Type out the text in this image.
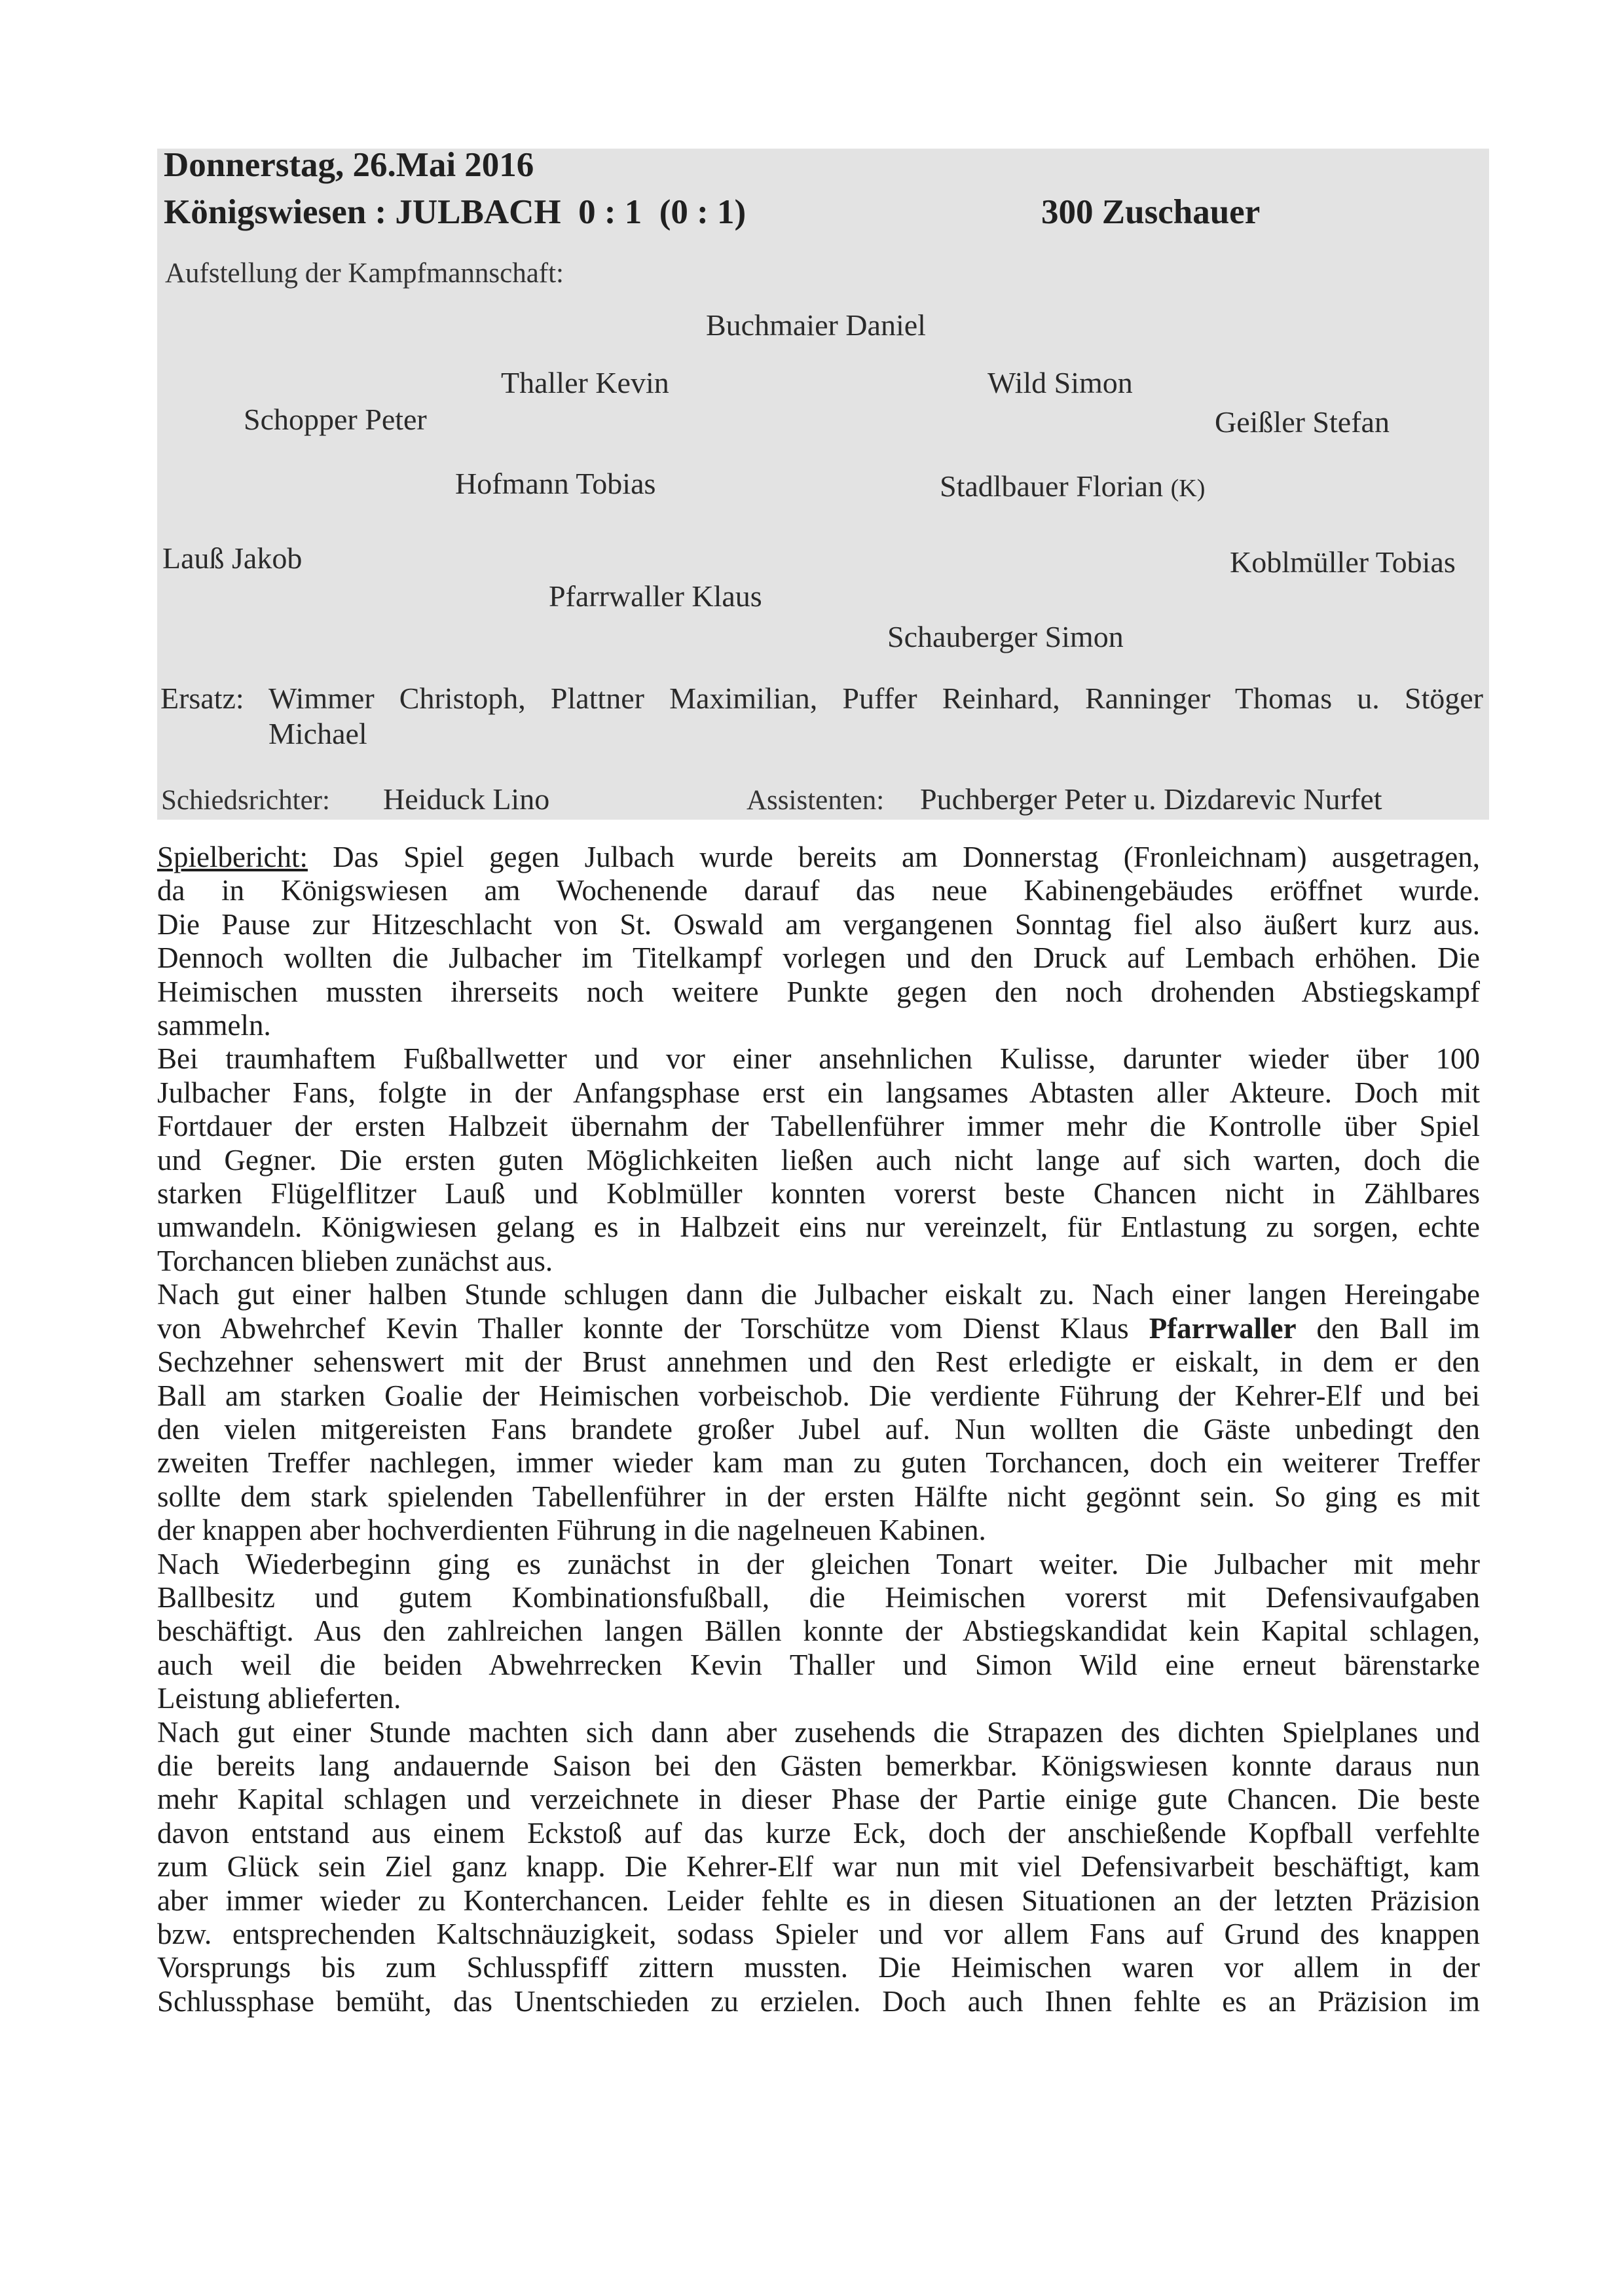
Donnerstag, 26.Mai 2016
Königswiesen : JULBACH  0 : 1  (0 : 1)	300 Zuschauer
Aufstellung der Kampfmannschaft:
Buchmaier Daniel
Thaller Kevin	Wild Simon
Schopper Peter	Geißler Stefan
Hofmann Tobias	Stadlbauer Florian (K)
Lauß Jakob	Koblmüller Tobias
Pfarrwaller Klaus
Schauberger Simon
Ersatz: Wimmer  Christoph,  Plattner  Maximilian,  Puffer  Reinhard,  Ranninger  Thomas  u.  Stöger
Michael
Schiedsrichter: Heiduck Lino	Assistenten: Puchberger Peter u. Dizdarevic Nurfet
Spielbericht: Das Spiel gegen Julbach wurde bereits am Donnerstag (Fronleichnam) ausgetragen,
da in Königswiesen am Wochenende darauf das neue Kabinengebäudes eröffnet wurde.
Die Pause zur Hitzeschlacht von St. Oswald am vergangenen Sonntag fiel also äußert kurz aus.
Dennoch wollten die Julbacher im Titelkampf vorlegen und den Druck auf Lembach erhöhen. Die
Heimischen mussten ihrerseits noch weitere Punkte gegen den noch drohenden Abstiegskampf
sammeln.
Bei traumhaftem Fußballwetter und vor einer ansehnlichen Kulisse, darunter wieder über 100
Julbacher Fans, folgte in der Anfangsphase erst ein langsames Abtasten aller Akteure. Doch mit
Fortdauer der ersten Halbzeit übernahm der Tabellenführer immer mehr die Kontrolle über Spiel
und Gegner. Die ersten guten Möglichkeiten ließen auch nicht lange auf sich warten, doch die
starken Flügelflitzer Lauß und Koblmüller konnten vorerst beste Chancen nicht in Zählbares
umwandeln. Königwiesen gelang es in Halbzeit eins nur vereinzelt, für Entlastung zu sorgen, echte
Torchancen blieben zunächst aus.
Nach gut einer halben Stunde schlugen dann die Julbacher eiskalt zu. Nach einer langen Hereingabe
von Abwehrchef Kevin Thaller konnte der Torschütze vom Dienst Klaus Pfarrwaller den Ball im
Sechzehner sehenswert mit der Brust annehmen und den Rest erledigte er eiskalt, in dem er den
Ball am starken Goalie der Heimischen vorbeischob. Die verdiente Führung der Kehrer-Elf und bei
den vielen mitgereisten Fans brandete großer Jubel auf. Nun wollten die Gäste unbedingt den
zweiten Treffer nachlegen, immer wieder kam man zu guten Torchancen, doch ein weiterer Treffer
sollte dem stark spielenden Tabellenführer in der ersten Hälfte nicht gegönnt sein. So ging es mit
der knappen aber hochverdienten Führung in die nagelneuen Kabinen.
Nach Wiederbeginn ging es zunächst in der gleichen Tonart weiter. Die Julbacher mit mehr
Ballbesitz und gutem Kombinationsfußball, die Heimischen vorerst mit Defensivaufgaben
beschäftigt. Aus den zahlreichen langen Bällen konnte der Abstiegskandidat kein Kapital schlagen,
auch weil die beiden Abwehrrecken Kevin Thaller und Simon Wild eine erneut bärenstarke
Leistung ablieferten.
Nach gut einer Stunde machten sich dann aber zusehends die Strapazen des dichten Spielplanes und
die bereits lang andauernde Saison bei den Gästen bemerkbar. Königswiesen konnte daraus nun
mehr Kapital schlagen und verzeichnete in dieser Phase der Partie einige gute Chancen. Die beste
davon entstand aus einem Eckstoß auf das kurze Eck, doch der anschießende Kopfball verfehlte
zum Glück sein Ziel ganz knapp. Die Kehrer-Elf war nun mit viel Defensivarbeit beschäftigt, kam
aber immer wieder zu Konterchancen. Leider fehlte es in diesen Situationen an der letzten Präzision
bzw. entsprechenden Kaltschnäuzigkeit, sodass Spieler und vor allem Fans auf Grund des knappen
Vorsprungs bis zum Schlusspfiff zittern mussten. Die Heimischen waren vor allem in der
Schlussphase bemüht, das Unentschieden zu erzielen. Doch auch Ihnen fehlte es an Präzision im
